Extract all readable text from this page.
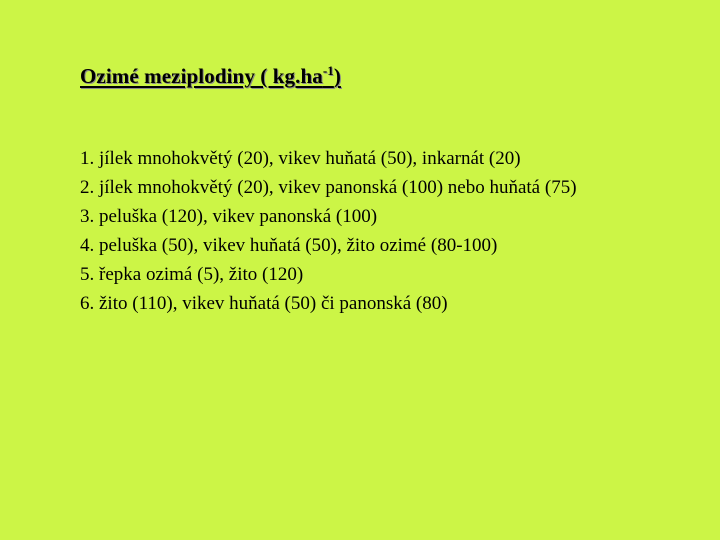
Ozimé meziplodiny ( $kg.ha^{-1}$)
1. jílek mnohokvětý (20), vikev huňatá (50), inkarnát (20)
2. jílek mnohokvětý (20), vikev panonská (100) nebo huňatá (75)
3. peluška (120), vikev panonská (100)
4. peluška (50), vikev huňatá (50), žito ozimé (80-100)
5. řepka ozimá (5), žito (120)
6. žito (110), vikev huňatá (50) či panonská (80)
